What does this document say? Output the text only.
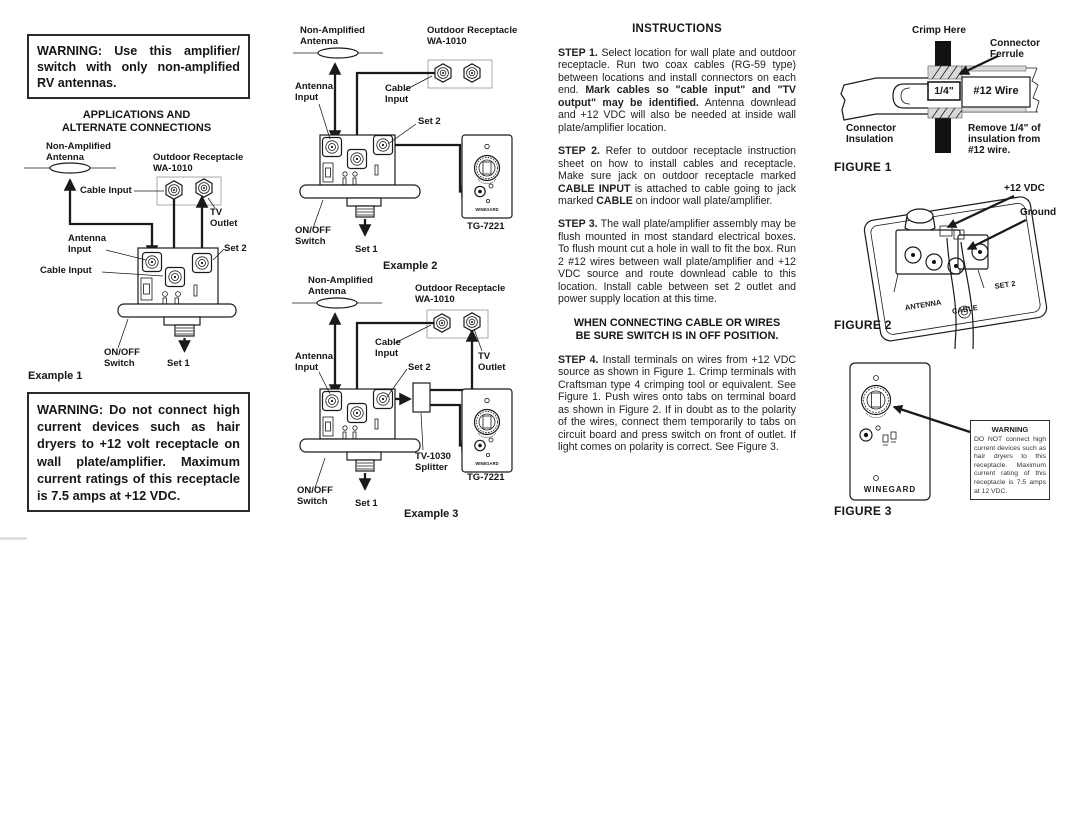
WARNING: Use this amplifier/
switch with only non-amplified
RV antennas.
APPLICATIONS AND
ALTERNATE CONNECTIONS
Non-Amplified
Antenna	Outdoor Receptacle
WA-1010
Cable Input
TV
Outlet
Antenna
Input	Set 2
Cable Input
ON/OFF
Switch	Set 1
Example 1
WARNING: Do not connect high
current devices such as hair
dryers to +12 volt receptacle on
wall plate/amplifier. Maximum
current ratings of this receptacle
is 7.5 amps at +12 VDC.
WINEGARD
Non-Amplified
Antenna
Outdoor Receptacle
WA-1010
Antenna
Input
Cable
Input
Set 2
TG-7221
ON/OFF
Switch
Set 1
Example 2
WINEGARD
Non-Amplified
Antenna	Outdoor Receptacle
WA-1010
Cable
Input	TV
Outlet
Antenna
Input	Set 2
TV-1030
Splitter
TG-7221
ON/OFF
Switch	Set 1
Example 3
INSTRUCTIONS

STEP 1. Select location for wall plate and outdoor receptacle. Run two coax cables (RG-59 type) between locations and install connectors on each end. Mark cables so "cable input" and "TV output" may be identified. Antenna downlead and +12 VDC will also be needed at inside wall plate/amplifier location.

STEP 2. Refer to outdoor receptacle instruction sheet on how to install cables and receptacle. Make sure jack on outdoor receptacle marked CABLE INPUT is attached to cable going to jack marked CABLE on indoor wall plate/amplifier.

STEP 3. The wall plate/amplifier assembly may be flush mounted in most standard electrical boxes. To flush mount cut a hole in wall to fit the box. Run 2 #12 wires between wall plate/amplifier and +12 VDC source and route downlead cable to this location. Install cable between set 2 outlet and power supply location at this time.

WHEN CONNECTING CABLE OR WIRES
BE SURE SWITCH IS IN OFF POSITION.

STEP 4. Install terminals on wires from +12 VDC source as shown in Figure 1. Crimp terminals with Craftsman type 4 crimping tool or equivalent. See Figure 1. Push wires onto tabs on terminal board as shown in Figure 2. If in doubt as to the polarity of the wires, connect them temporarily to tabs on circuit board and press switch on front of outlet. If light comes on polarity is correct. See Figure 3.

Crimp Here
Connector
Ferrule
1/4"	#12 Wire
Connector
Insulation
Remove 1/4" of
insulation from
#12 wire.
FIGURE 1
ANTENNA CABLE
SET 2
+12 VDC
Ground
FIGURE 2
WINEGARD
WARNING
DO NOT connect high current devices such as hair dryers to this receptacle. Maximum current rating of this receptacle is 7.5 amps at 12 VDC.
FIGURE 3
